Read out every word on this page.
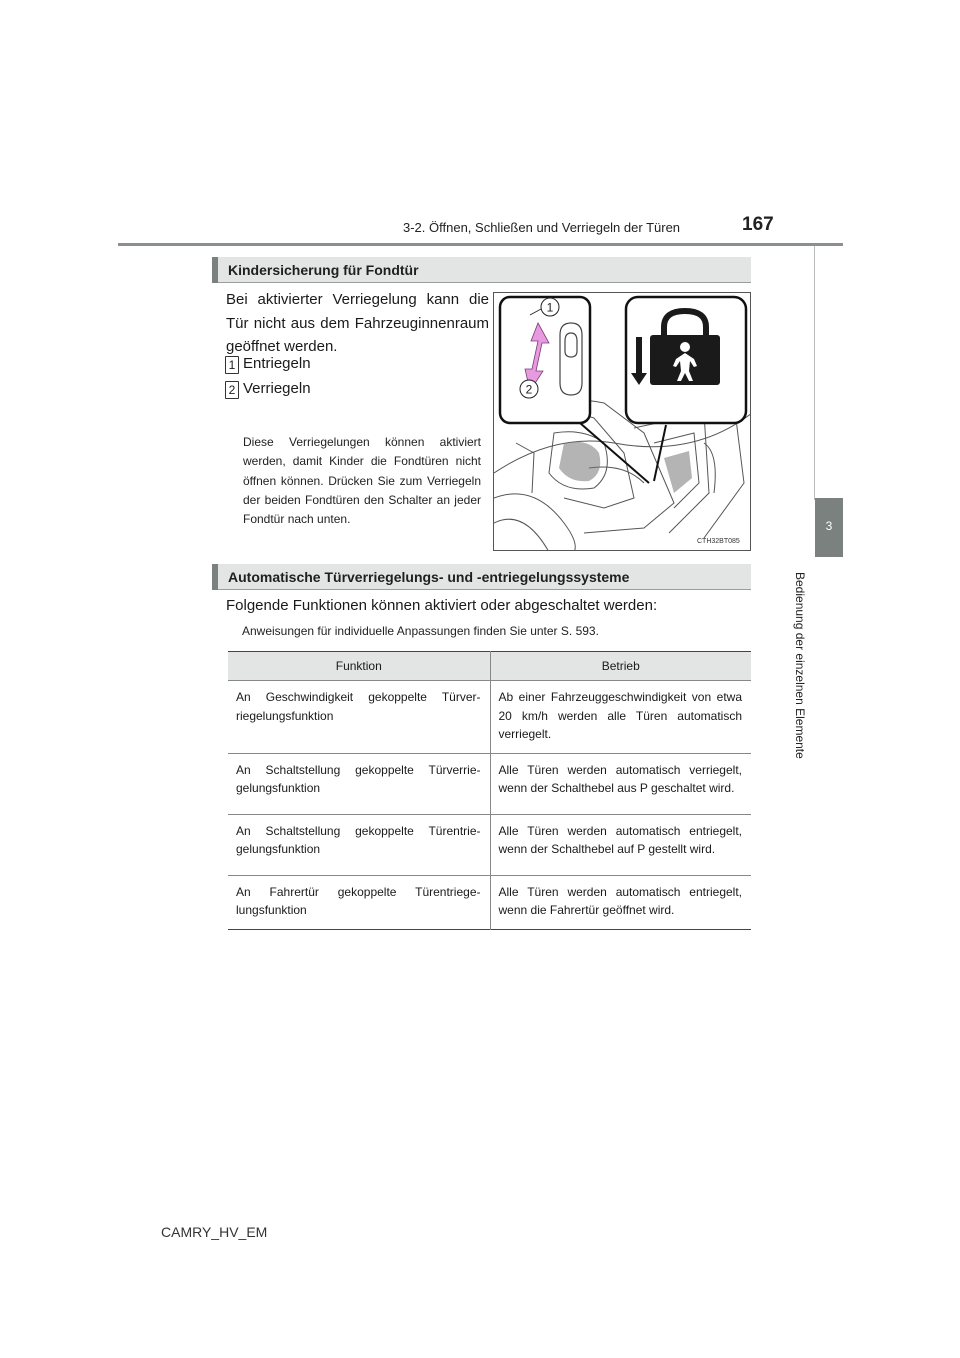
3-2. Öffnen, Schließen und Verriegeln der Türen	167
3
Bedienung der einzelnen Elemente
Kindersicherung für Fondtür
Bei aktivierter Verriegelung kann die Tür nicht aus dem Fahrzeuginnenraum geöffnet werden.
1 Entriegeln
2 Verriegeln
Diese Verriegelungen können aktiviert werden, damit Kinder die Fondtüren nicht öffnen können. Drücken Sie zum Verriegeln der beiden Fondtüren den Schalter an jeder Fondtür nach unten.
1
2
CTH32BT085
Automatische Türverriegelungs- und -entriegelungssysteme
Folgende Funktionen können aktiviert oder abgeschaltet werden:
Anweisungen für individuelle Anpassungen finden Sie unter S. 593.
Funktion	Betrieb
An Geschwindigkeit gekoppelte Türverriegelungsfunktion	Ab einer Fahrzeuggeschwindigkeit von etwa 20 km/h werden alle Türen automatisch verriegelt.
An Schaltstellung gekoppelte Türverriegelungsfunktion	Alle Türen werden automatisch verriegelt, wenn der Schalthebel aus P geschaltet wird.
An Schaltstellung gekoppelte Türentriegelungsfunktion	Alle Türen werden automatisch entriegelt, wenn der Schalthebel auf P gestellt wird.
An Fahrertür gekoppelte Türentriegelungsfunktion	Alle Türen werden automatisch entriegelt, wenn die Fahrertür geöffnet wird.
CAMRY_HV_EM
